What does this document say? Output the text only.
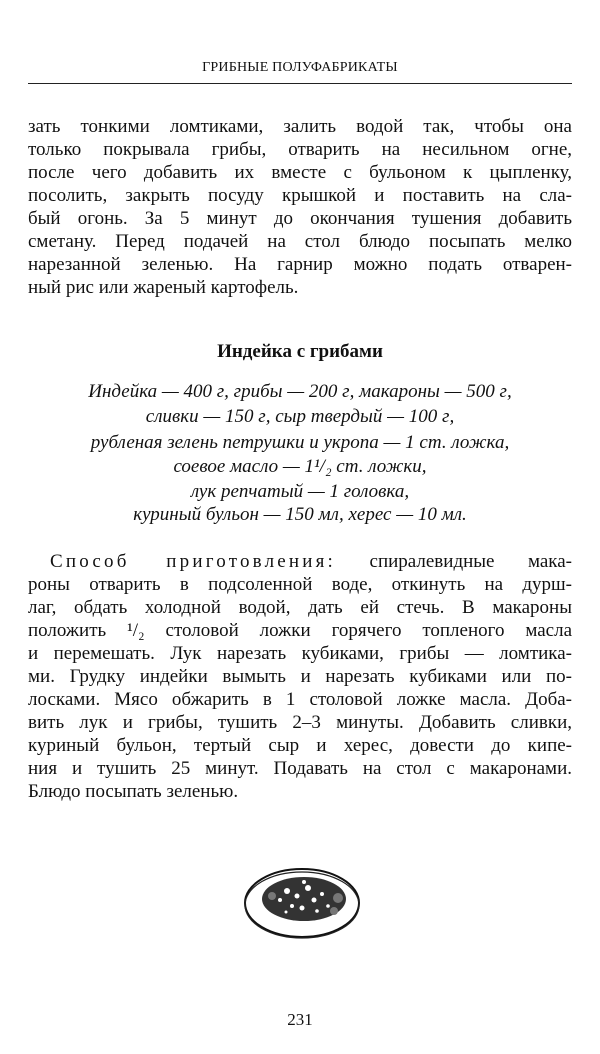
ГРИБНЫЕ ПОЛУФАБРИКАТЫ
зать тонкими ломтиками, залить водой так, чтобы она
только покрывала грибы, отварить на несильном огне,
после чего добавить их вместе с бульоном к цыпленку,
посолить, закрыть посуду крышкой и поставить на сла-
бый огонь. За 5 минут до окончания тушения добавить
сметану. Перед подачей на стол блюдо посыпать мелко
нарезанной зеленью. На гарнир можно подать отварен-
ный рис или жареный картофель.
Индейка с грибами
Индейка — 400 г, грибы — 200 г, макароны — 500 г,
сливки — 150 г, сыр твердый — 100 г,
рубленая зелень петрушки и укропа — 1 ст. ложка,
соевое масло — 1¹/₂ ст. ложки,
лук репчатый — 1 головка,
куриный бульон — 150 мл, херес — 10 мл.
Способ приготовления: спиралевидные мака-
роны отварить в подсоленной воде, откинуть на дурш-
лаг, обдать холодной водой, дать ей стечь. В макароны
положить ¹/₂ столовой ложки горячего топленого масла
и перемешать. Лук нарезать кубиками, грибы — ломтика-
ми. Грудку индейки вымыть и нарезать кубиками или по-
лосками. Мясо обжарить в 1 столовой ложке масла. Доба-
вить лук и грибы, тушить 2–3 минуты. Добавить сливки,
куриный бульон, тертый сыр и херес, довести до кипе-
ния и тушить 25 минут. Подавать на стол с макаронами.
Блюдо посыпать зеленью.
231
